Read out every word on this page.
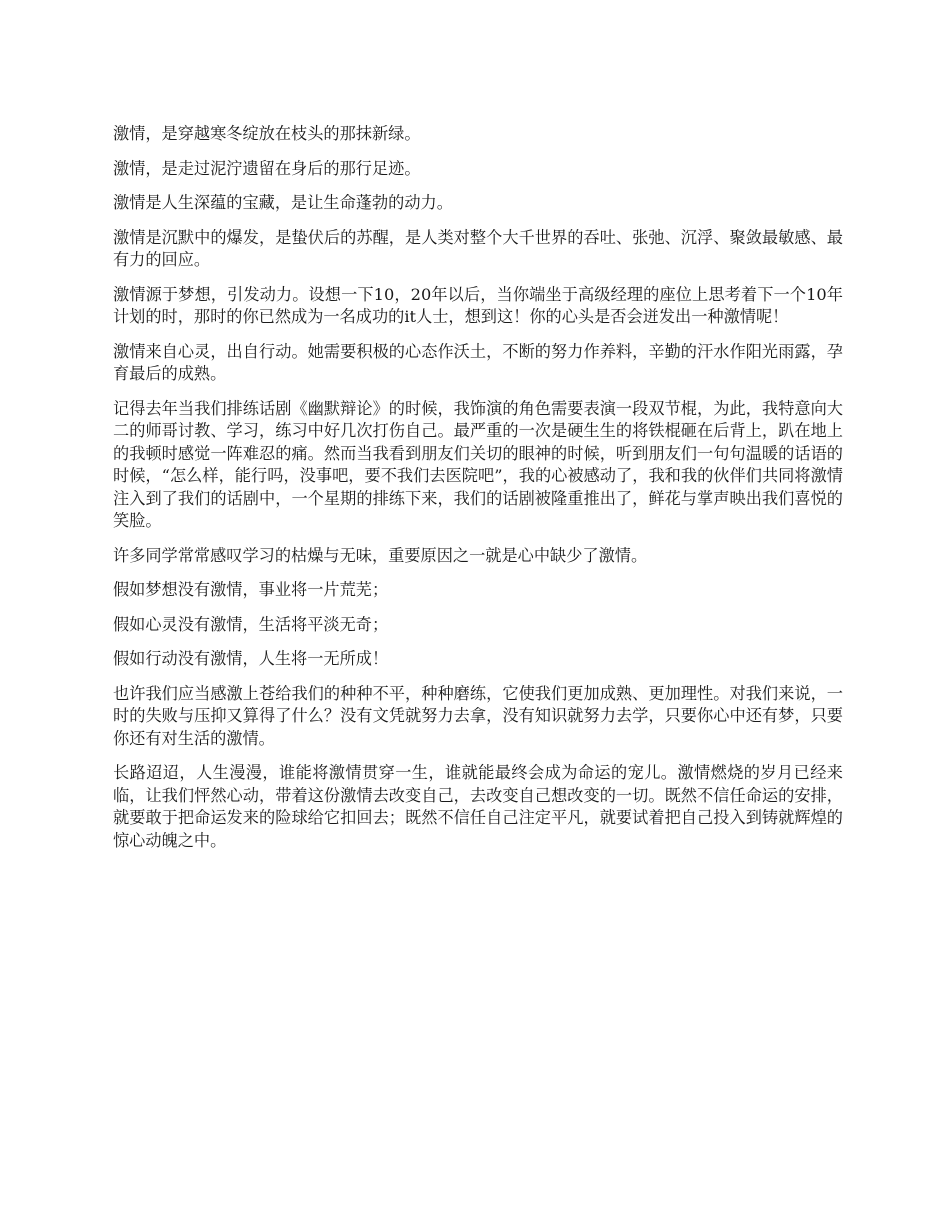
激情，是穿越寒冬绽放在枝头的那抹新绿。

激情，是走过泥泞遗留在身后的那行足迹。

激情是人生深蕴的宝藏，是让生命蓬勃的动力。

激情是沉默中的爆发，是蛰伏后的苏醒，是人类对整个大千世界的吞吐、张弛、沉浮、聚敛最敏感、最有力的回应。

激情源于梦想，引发动力。设想一下10，20年以后，当你端坐于高级经理的座位上思考着下一个10年计划的时，那时的你已然成为一名成功的it人士，想到这！你的心头是否会迸发出一种激情呢！

激情来自心灵，出自行动。她需要积极的心态作沃土，不断的努力作养料，辛勤的汗水作阳光雨露，孕育最后的成熟。

记得去年当我们排练话剧《幽默辩论》的时候，我饰演的角色需要表演一段双节棍，为此，我特意向大二的师哥讨教、学习，练习中好几次打伤自己。最严重的一次是硬生生的将铁棍砸在后背上，趴在地上的我顿时感觉一阵难忍的痛。然而当我看到朋友们关切的眼神的时候，听到朋友们一句句温暖的话语的时候，“怎么样，能行吗，没事吧，要不我们去医院吧”，我的心被感动了，我和我的伙伴们共同将激情注入到了我们的话剧中，一个星期的排练下来，我们的话剧被隆重推出了，鲜花与掌声映出我们喜悦的笑脸。

许多同学常常感叹学习的枯燥与无味，重要原因之一就是心中缺少了激情。

假如梦想没有激情，事业将一片荒芜；

假如心灵没有激情，生活将平淡无奇；

假如行动没有激情，人生将一无所成！

也许我们应当感激上苍给我们的种种不平，种种磨练，它使我们更加成熟、更加理性。对我们来说，一时的失败与压抑又算得了什么？没有文凭就努力去拿，没有知识就努力去学，只要你心中还有梦，只要你还有对生活的激情。

长路迢迢，人生漫漫，谁能将激情贯穿一生，谁就能最终会成为命运的宠儿。激情燃烧的岁月已经来临，让我们怦然心动，带着这份激情去改变自己，去改变自己想改变的一切。既然不信任命运的安排，就要敢于把命运发来的险球给它扣回去；既然不信任自己注定平凡，就要试着把自己投入到铸就辉煌的惊心动魄之中。
